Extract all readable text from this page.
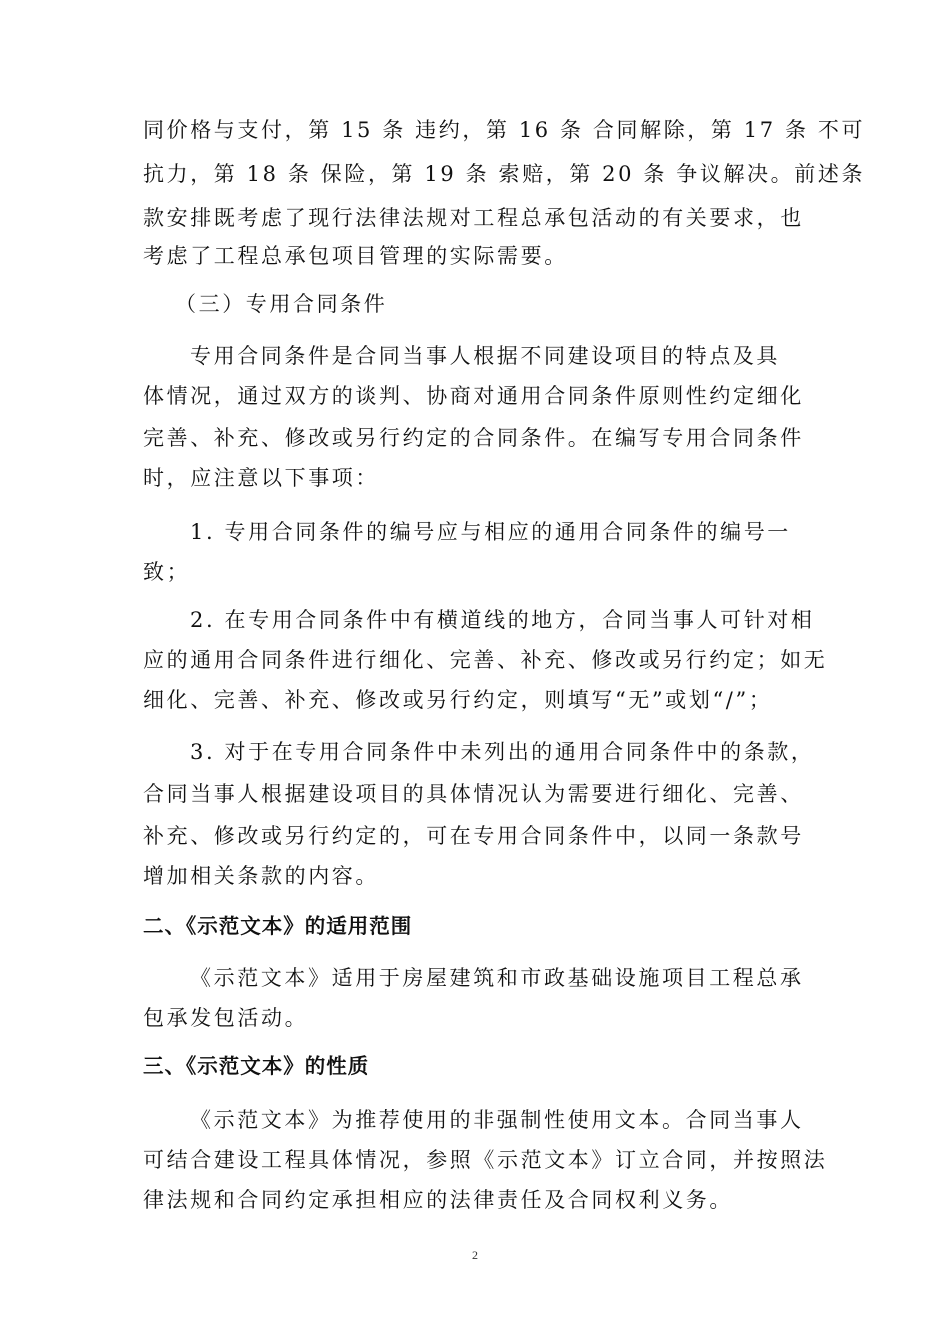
同价格与支付，第 15 条 违约，第 16 条 合同解除，第 17 条 不可
抗力，第 18 条 保险，第 19 条 索赔，第 20 条 争议解决。前述条
款安排既考虑了现行法律法规对工程总承包活动的有关要求，也
考虑了工程总承包项目管理的实际需要。
（三）专用合同条件
专用合同条件是合同当事人根据不同建设项目的特点及具
体情况，通过双方的谈判、协商对通用合同条件原则性约定细化
完善、补充、修改或另行约定的合同条件。在编写专用合同条件
时，应注意以下事项：
1. 专用合同条件的编号应与相应的通用合同条件的编号一
致；
2. 在专用合同条件中有横道线的地方，合同当事人可针对相
应的通用合同条件进行细化、完善、补充、修改或另行约定；如无
细化、完善、补充、修改或另行约定，则填写“无”或划“/”；
3. 对于在专用合同条件中未列出的通用合同条件中的条款，
合同当事人根据建设项目的具体情况认为需要进行细化、完善、
补充、修改或另行约定的，可在专用合同条件中，以同一条款号
增加相关条款的内容。
二、《示范文本》的适用范围
《示范文本》适用于房屋建筑和市政基础设施项目工程总承
包承发包活动。
三、《示范文本》的性质
《示范文本》为推荐使用的非强制性使用文本。合同当事人
可结合建设工程具体情况，参照《示范文本》订立合同，并按照法
律法规和合同约定承担相应的法律责任及合同权利义务。
2
